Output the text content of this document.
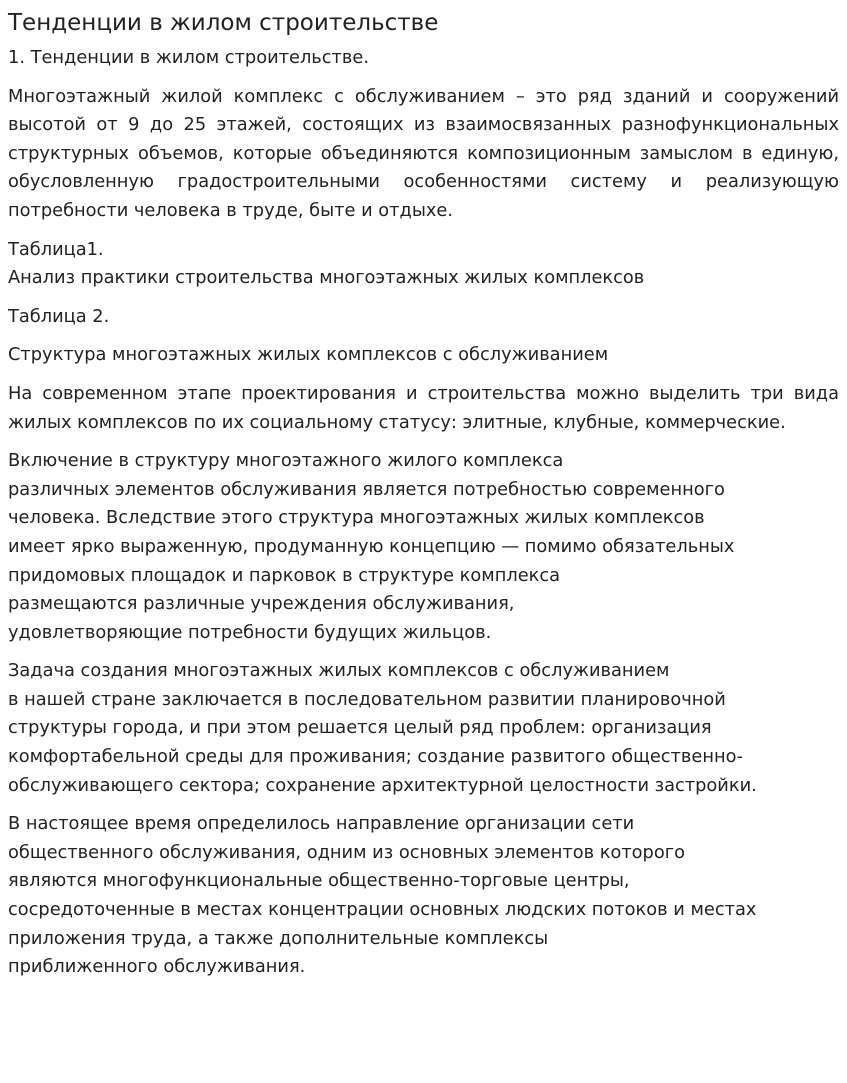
Тенденции в жилом строительстве

1. Тенденции в жилом строительстве.

Многоэтажный жилой комплекс с обслуживанием – это ряд зданий и сооружений высотой от 9 до 25 этажей, состоящих из взаимосвязанных разнофункциональных структурных объемов, которые объединяются композиционным замыслом в единую, обусловленную градостроительными особенностями систему и реализующую потребности человека в труде, быте и отдыхе.

Таблица1.
Анализ практики строительства многоэтажных жилых комплексов

Таблица 2.

Структура многоэтажных жилых комплексов с обслуживанием

На современном этапе проектирования и строительства можно выделить три вида жилых комплексов по их социальному статусу: элитные, клубные, коммерческие.

Включение в структуру многоэтажного жилого комплекса
различных элементов обслуживания является потребностью современного
человека. Вследствие этого структура многоэтажных жилых комплексов
имеет ярко выраженную, продуманную концепцию — помимо обязательных
придомовых площадок и парковок в структуре комплекса
размещаются различные учреждения обслуживания,
удовлетворяющие потребности будущих жильцов.

Задача создания многоэтажных жилых комплексов с обслуживанием
в нашей стране заключается в последовательном развитии планировочной
структуры города, и при этом решается целый ряд проблем: организация
комфортабельной среды для проживания; создание развитого общественно-
обслуживающего сектора; сохранение архитектурной целостности застройки.

В настоящее время определилось направление организации сети
общественного обслуживания, одним из основных элементов которого
являются многофункциональные общественно-торговые центры,
сосредоточенные в местах концентрации основных людских потоков и местах
приложения труда, а также дополнительные комплексы
приближенного обслуживания.
